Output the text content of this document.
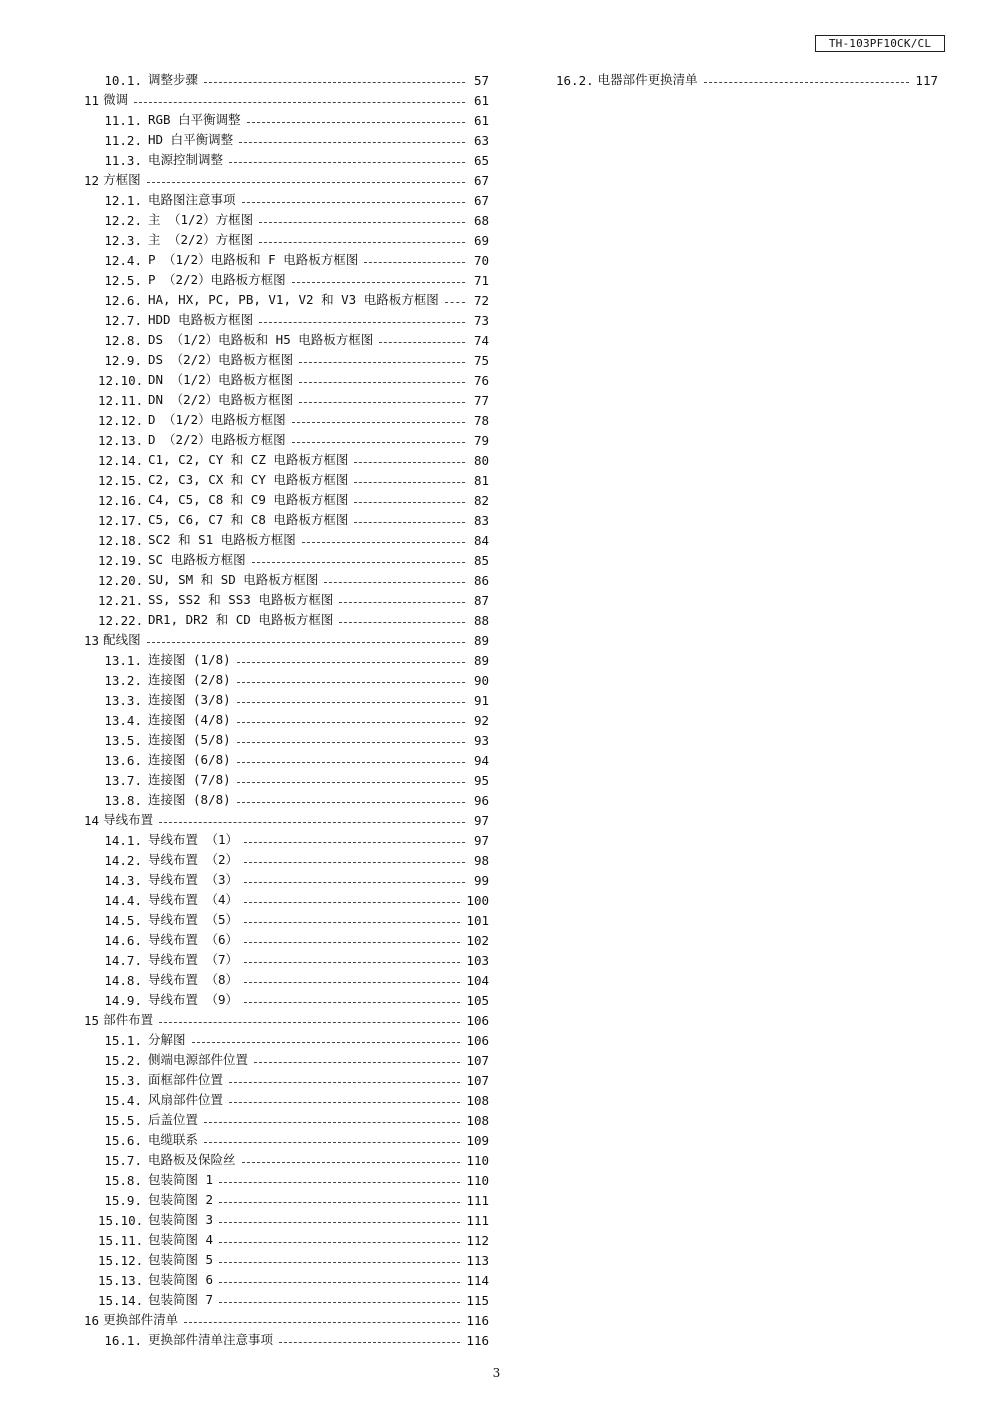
TH-103PF10CK/CL
10.1. 调整步骤	57
11 微调	61
11.1. RGB 白平衡调整	61
11.2. HD 白平衡调整	63
11.3. 电源控制调整	65
12 方框图	67
12.1. 电路图注意事项	67
12.2. 主 （1/2）方框图	68
12.3. 主 （2/2）方框图	69
12.4. P （1/2）电路板和 F 电路板方框图	70
12.5. P （2/2）电路板方框图	71
12.6. HA, HX, PC, PB, V1, V2 和 V3 电路板方框图	72
12.7. HDD 电路板方框图	73
12.8. DS （1/2）电路板和 H5 电路板方框图	74
12.9. DS （2/2）电路板方框图	75
12.10. DN （1/2）电路板方框图	76
12.11. DN （2/2）电路板方框图	77
12.12. D （1/2）电路板方框图	78
12.13. D （2/2）电路板方框图	79
12.14. C1, C2, CY 和 CZ 电路板方框图	80
12.15. C2, C3, CX 和 CY 电路板方框图	81
12.16. C4, C5, C8 和 C9 电路板方框图	82
12.17. C5, C6, C7 和 C8 电路板方框图	83
12.18. SC2 和 S1 电路板方框图	84
12.19. SC 电路板方框图	85
12.20. SU, SM 和 SD 电路板方框图	86
12.21. SS, SS2 和 SS3 电路板方框图	87
12.22. DR1, DR2 和 CD 电路板方框图	88
13 配线图	89
13.1. 连接图 (1/8)	89
13.2. 连接图 (2/8)	90
13.3. 连接图 (3/8)	91
13.4. 连接图 (4/8)	92
13.5. 连接图 (5/8)	93
13.6. 连接图 (6/8)	94
13.7. 连接图 (7/8)	95
13.8. 连接图 (8/8)	96
14 导线布置	97
14.1. 导线布置 （1）	97
14.2. 导线布置 （2）	98
14.3. 导线布置 （3）	99
14.4. 导线布置 （4）	100
14.5. 导线布置 （5）	101
14.6. 导线布置 （6）	102
14.7. 导线布置 （7）	103
14.8. 导线布置 （8）	104
14.9. 导线布置 （9）	105
15 部件布置	106
15.1. 分解图	106
15.2. 侧端电源部件位置	107
15.3. 面框部件位置	107
15.4. 风扇部件位置	108
15.5. 后盖位置	108
15.6. 电缆联系	109
15.7. 电路板及保险丝	110
15.8. 包装简图 1	110
15.9. 包装简图 2	111
15.10. 包装简图 3	111
15.11. 包装简图 4	112
15.12. 包装简图 5	113
15.13. 包装简图 6	114
15.14. 包装简图 7	115
16 更换部件清单	116
16.1. 更换部件清单注意事项	116
16.2. 电器部件更换清单	117
3
